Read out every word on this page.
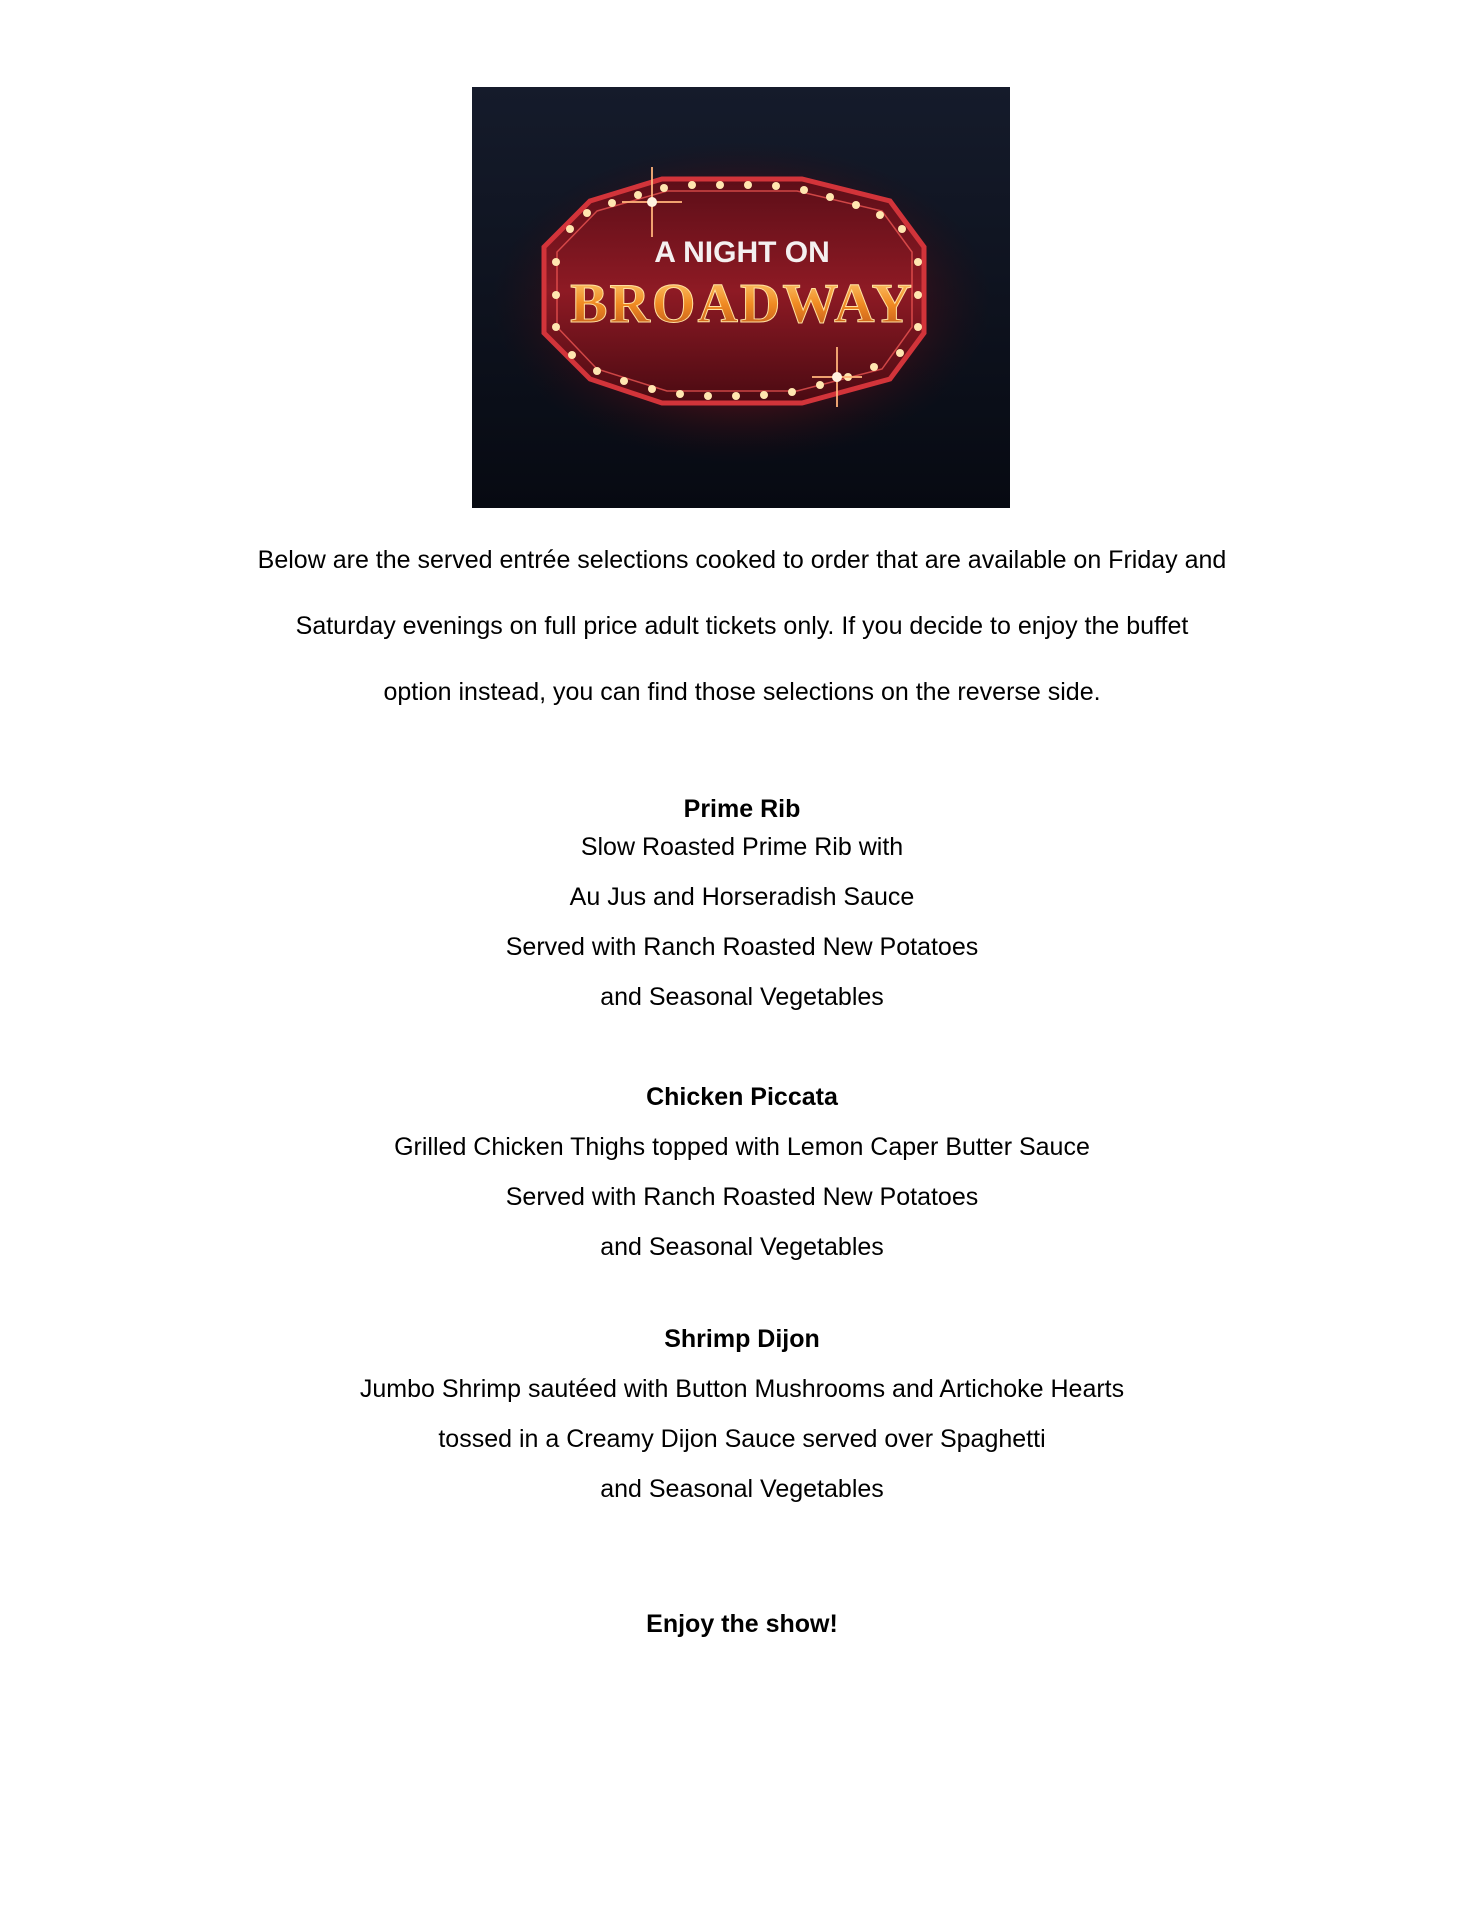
A NIGHT ON
BROADWAY
Below are the served entrée selections cooked to order that are available on Friday and
Saturday evenings on full price adult tickets only. If you decide to enjoy the buffet
option instead, you can find those selections on the reverse side.
Prime Rib
Slow Roasted Prime Rib with
Au Jus and Horseradish Sauce
Served with Ranch Roasted New Potatoes
and Seasonal Vegetables
Chicken Piccata
Grilled Chicken Thighs topped with Lemon Caper Butter Sauce
Served with Ranch Roasted New Potatoes
and Seasonal Vegetables
Shrimp Dijon
Jumbo Shrimp sautéed with Button Mushrooms and Artichoke Hearts
tossed in a Creamy Dijon Sauce served over Spaghetti
and Seasonal Vegetables
Enjoy the show!
